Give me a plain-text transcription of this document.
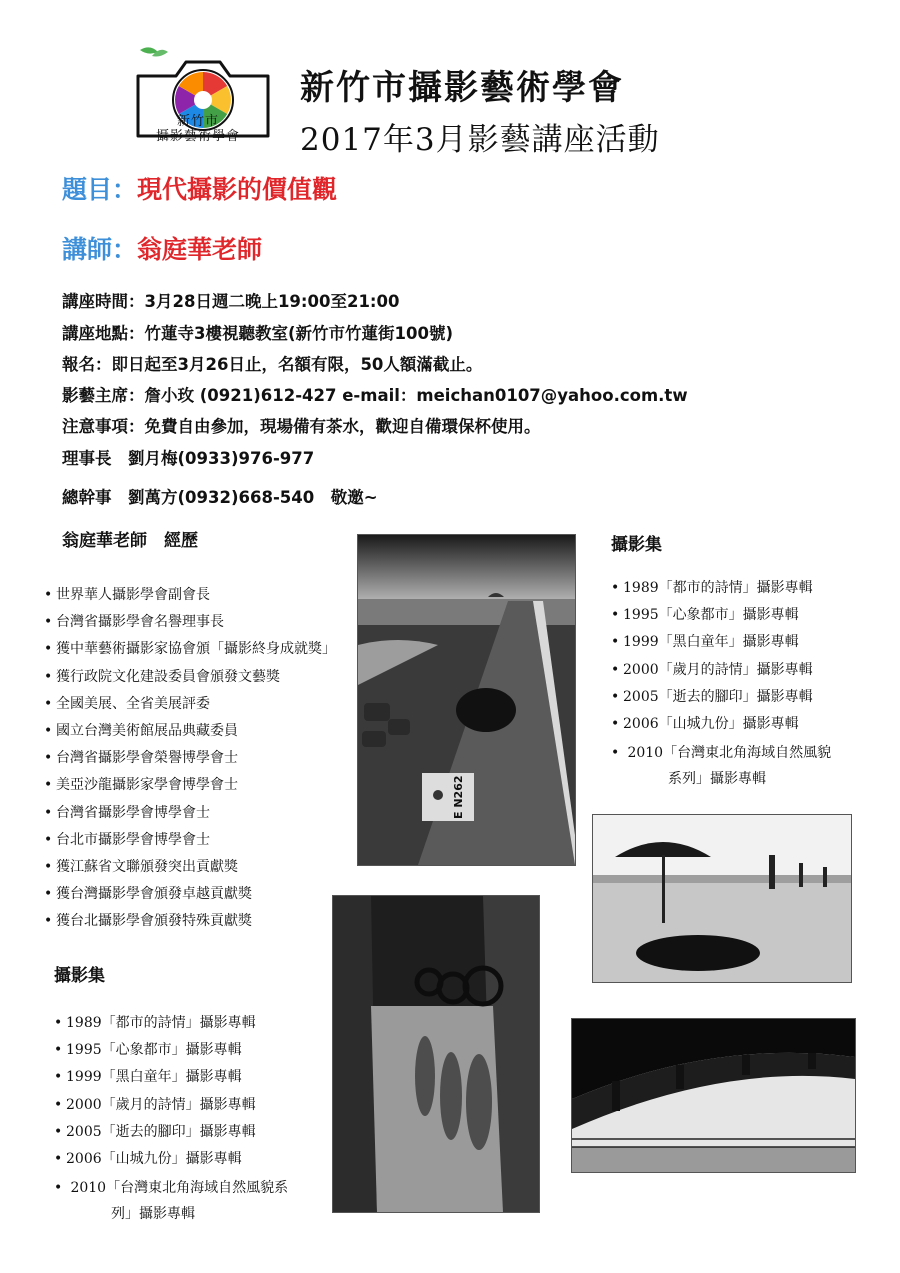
新竹市
攝影藝術學會
新竹市攝影藝術學會
2017年3月影藝講座活動
題目：現代攝影的價值觀
講師：翁庭華老師
講座時間：3月28日週二晚上19:00至21:00
講座地點：竹蓮寺3樓視聽教室(新竹市竹蓮街100號)
報名：即日起至3月26日止，名額有限，50人額滿截止。
影藝主席：詹小玫 (0921)612-427 e-mail：meichan0107@yahoo.com.tw
注意事項：免費自由參加，現場備有茶水，歡迎自備環保杯使用。
理事長　劉月梅(0933)976-977
總幹事　劉萬方(0932)668-540　敬邀~
翁庭華老師　經歷
• 世界華人攝影學會副會長
• 台灣省攝影學會名譽理事長
• 獲中華藝術攝影家協會頒「攝影終身成就獎」
• 獲行政院文化建設委員會頒發文藝獎
• 全國美展、全省美展評委
• 國立台灣美術館展品典藏委員
• 台灣省攝影學會榮譽博學會士
• 美亞沙龍攝影家學會博學會士
• 台灣省攝影學會博學會士
• 台北市攝影學會博學會士
• 獲江蘇省文聯頒發突出貢獻獎
• 獲台灣攝影學會頒發卓越貢獻獎
• 獲台北攝影學會頒發特殊貢獻獎
攝影集
• 1989「都市的詩情」攝影專輯
• 1995「心象都市」攝影專輯
• 1999「黑白童年」攝影專輯
• 2000「歲月的詩情」攝影專輯
• 2005「逝去的腳印」攝影專輯
• 2006「山城九份」攝影專輯
• 2010「台灣東北角海域自然風貌系
列」攝影專輯
攝影集
• 1989「都市的詩情」攝影專輯
• 1995「心象都市」攝影專輯
• 1999「黑白童年」攝影專輯
• 2000「歲月的詩情」攝影專輯
• 2005「逝去的腳印」攝影專輯
• 2006「山城九份」攝影專輯
• 2010「台灣東北角海域自然風貌
系列」攝影專輯
E N262
